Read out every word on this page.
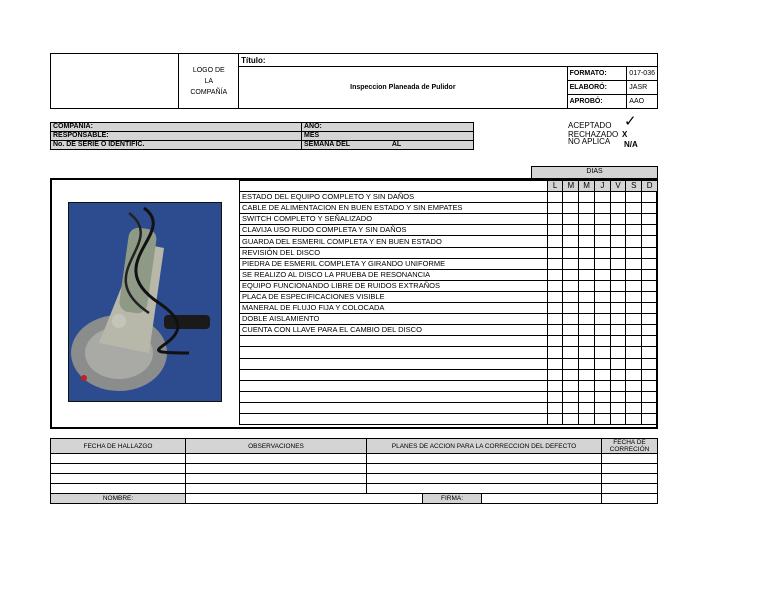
	LOGO DE
LA
COMPAÑÍA	Título:		
		Inspeccion Planeada de Pulidor	FORMATO:	017-036
			ELABORÓ:	JASR
			APROBÓ:	AAO
COMPAÑIA:	AÑO:
RESPONSABLE:	MES
No. DE SERIE O IDENTIFIC.	SEMANA DEL AL
ACEPTADO
RECHAZADO
NO APLICA
✓
X
N/A
DIAS
	L	M	M	J	V	S	D
ESTADO DEL EQUIPO COMPLETO Y SIN DAÑOS							
CABLE DE ALIMENTACION EN BUEN ESTADO Y SIN EMPATES							
SWITCH COMPLETO Y SEÑALIZADO							
CLAVIJA USO RUDO COMPLETA Y SIN DAÑOS							
GUARDA DEL ESMERIL COMPLETA Y EN BUEN ESTADO							
REVISIÓN DEL DISCO							
PIEDRA DE ESMERIL COMPLETA Y GIRANDO UNIFORME							
SE REALIZO AL DISCO LA PRUEBA DE RESONANCIA							
EQUIPO FUNCIONANDO LIBRE DE RUIDOS EXTRAÑOS							
PLACA DE ESPECIFICACIONES VISIBLE							
MANERAL DE FLUJO FIJA Y COLOCADA							
DOBLE AISLAMIENTO							
CUENTA CON LLAVE PARA EL CAMBIO DEL DISCO							

FECHA DE HALLAZGO	OBSERVACIONES	PLANES DE ACCION PARA LA CORRECCION DEL DEFECTO	FECHA DE CORRECIÓN

NOMBRE:	FIRMA:		
